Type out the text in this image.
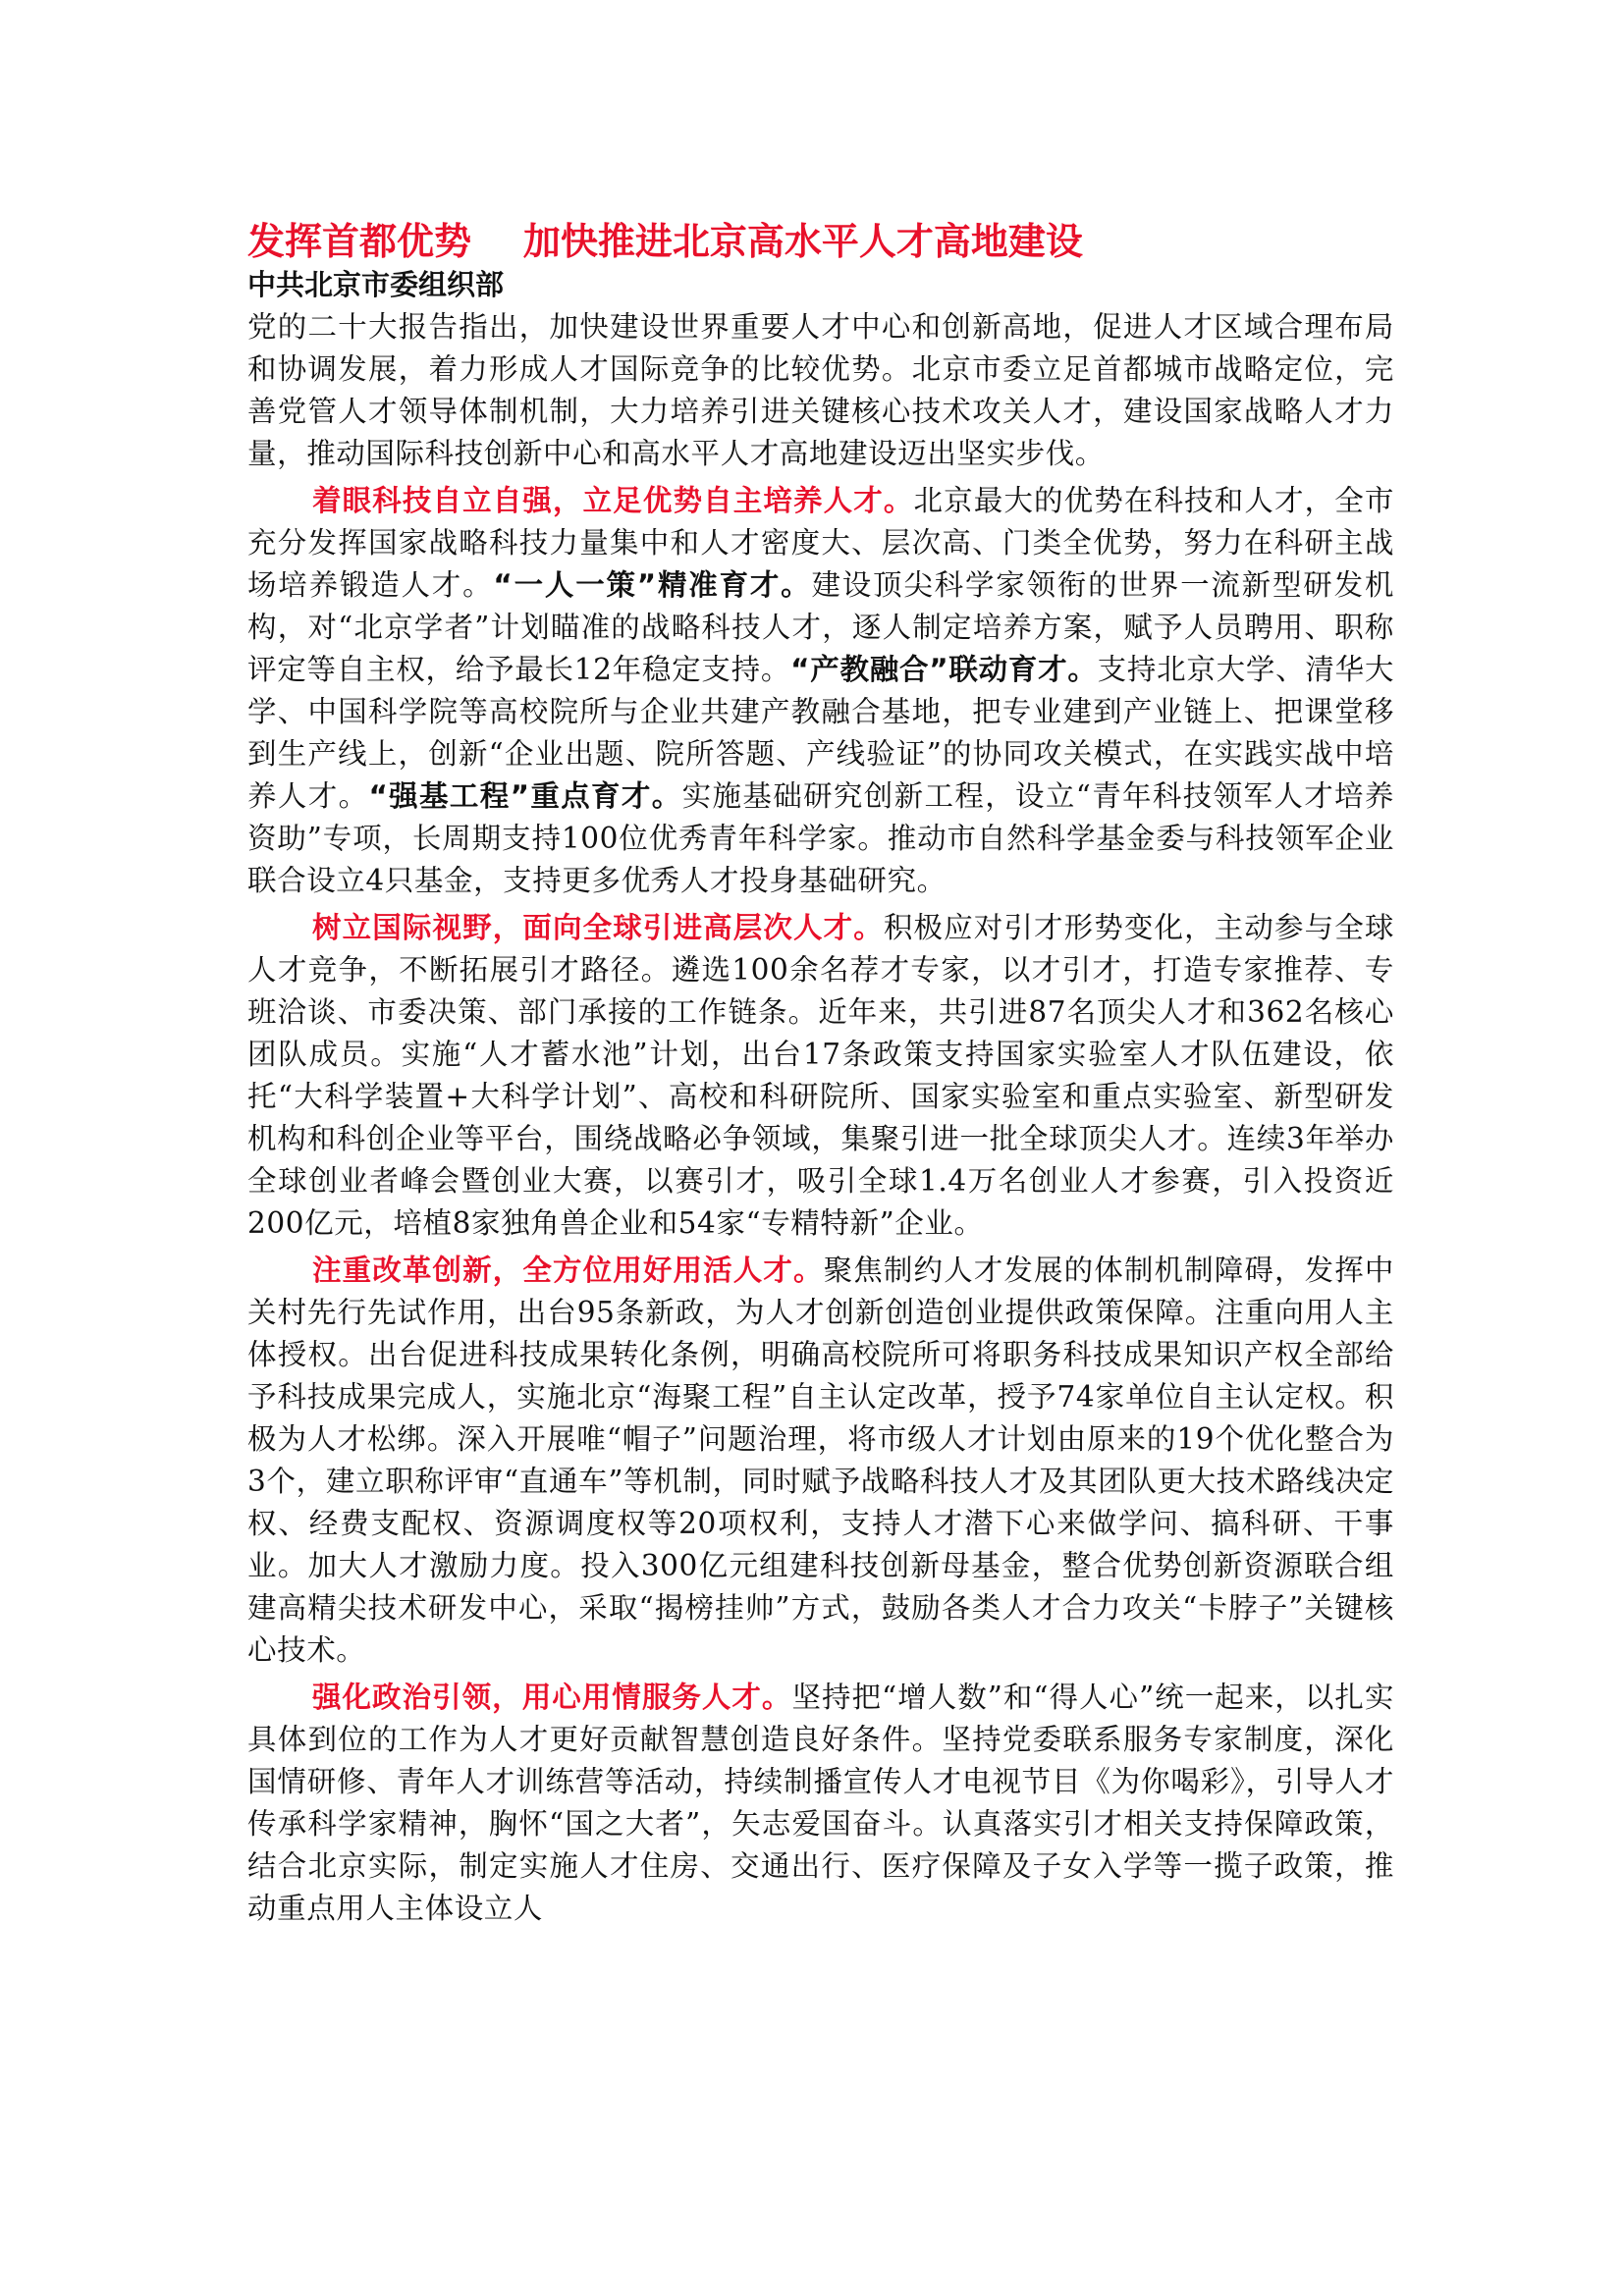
发挥首都优势    加快推进北京高水平人才高地建设
中共北京市委组织部

党的二十大报告指出，加快建设世界重要人才中心和创新高地，促进人才区域合理布局和协调发展，着力形成人才国际竞争的比较优势。北京市委立足首都城市战略定位，完善党管人才领导体制机制，大力培养引进关键核心技术攻关人才，建设国家战略人才力量，推动国际科技创新中心和高水平人才高地建设迈出坚实步伐。

着眼科技自立自强，立足优势自主培养人才。北京最大的优势在科技和人才，全市充分发挥国家战略科技力量集中和人才密度大、层次高、门类全优势，努力在科研主战场培养锻造人才。“一人一策”精准育才。建设顶尖科学家领衔的世界一流新型研发机构，对“北京学者”计划瞄准的战略科技人才，逐人制定培养方案，赋予人员聘用、职称评定等自主权，给予最长12年稳定支持。“产教融合”联动育才。支持北京大学、清华大学、中国科学院等高校院所与企业共建产教融合基地，把专业建到产业链上、把课堂移到生产线上，创新“企业出题、院所答题、产线验证”的协同攻关模式，在实践实战中培养人才。“强基工程”重点育才。实施基础研究创新工程，设立“青年科技领军人才培养资助”专项，长周期支持100位优秀青年科学家。推动市自然科学基金委与科技领军企业联合设立4只基金，支持更多优秀人才投身基础研究。

树立国际视野，面向全球引进高层次人才。积极应对引才形势变化，主动参与全球人才竞争，不断拓展引才路径。遴选100余名荐才专家，以才引才，打造专家推荐、专班洽谈、市委决策、部门承接的工作链条。近年来，共引进87名顶尖人才和362名核心团队成员。实施“人才蓄水池”计划，出台17条政策支持国家实验室人才队伍建设，依托“大科学装置+大科学计划”、高校和科研院所、国家实验室和重点实验室、新型研发机构和科创企业等平台，围绕战略必争领域，集聚引进一批全球顶尖人才。连续3年举办全球创业者峰会暨创业大赛，以赛引才，吸引全球1.4万名创业人才参赛，引入投资近200亿元，培植8家独角兽企业和54家“专精特新”企业。

注重改革创新，全方位用好用活人才。聚焦制约人才发展的体制机制障碍，发挥中关村先行先试作用，出台95条新政，为人才创新创造创业提供政策保障。注重向用人主体授权。出台促进科技成果转化条例，明确高校院所可将职务科技成果知识产权全部给予科技成果完成人，实施北京“海聚工程”自主认定改革，授予74家单位自主认定权。积极为人才松绑。深入开展唯“帽子”问题治理，将市级人才计划由原来的19个优化整合为3个，建立职称评审“直通车”等机制，同时赋予战略科技人才及其团队更大技术路线决定权、经费支配权、资源调度权等20项权利，支持人才潜下心来做学问、搞科研、干事业。加大人才激励力度。投入300亿元组建科技创新母基金，整合优势创新资源联合组建高精尖技术研发中心，采取“揭榜挂帅”方式，鼓励各类人才合力攻关“卡脖子”关键核心技术。

强化政治引领，用心用情服务人才。坚持把“增人数”和“得人心”统一起来，以扎实具体到位的工作为人才更好贡献智慧创造良好条件。坚持党委联系服务专家制度，深化国情研修、青年人才训练营等活动，持续制播宣传人才电视节目《为你喝彩》，引导人才传承科学家精神，胸怀“国之大者”，矢志爱国奋斗。认真落实引才相关支持保障政策，结合北京实际，制定实施人才住房、交通出行、医疗保障及子女入学等一揽子政策，推动重点用人主体设立人
